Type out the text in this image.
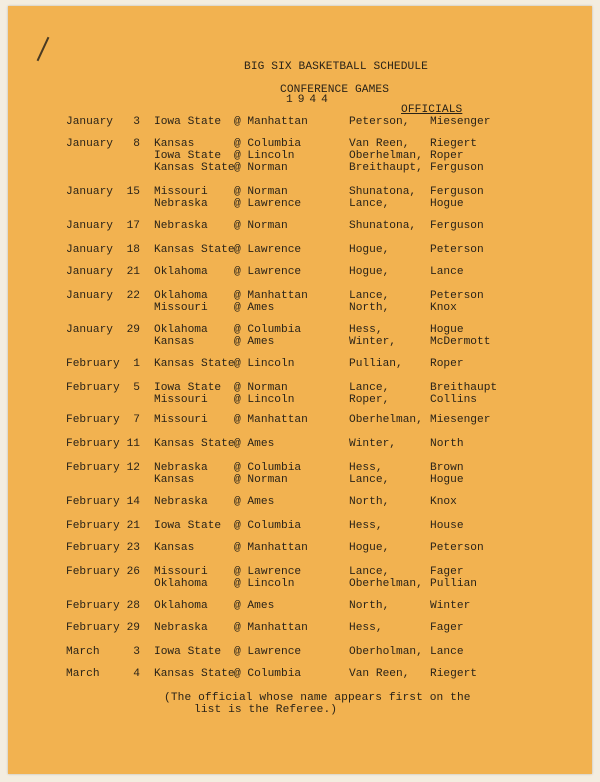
BIG SIX BASKETBALL SCHEDULE
CONFERENCE GAMES
1944
OFFICIALS
January	3 Iowa State @ Manhattan	Peterson, Miesenger
January	8 Kansas	@ Columbia	Van Reen, Riegert
Iowa State @ Lincoln	Oberhelman, Roper
Kansas State @ Norman	Breithaupt, Ferguson
January	15 Missouri @ Norman	Shunatona, Ferguson
Nebraska @ Lawrence	Lance,	Hogue
January	17 Nebraska @ Norman	Shunatona, Ferguson
January	18 Kansas State @ Lawrence	Hogue,	Peterson
January	21 Oklahoma @ Lawrence	Hogue,	Lance
January	22 Oklahoma @ Manhattan	Lance,	Peterson
Missouri @ Ames	North,	Knox
January	29 Oklahoma @ Columbia	Hess,	Hogue
Kansas	@ Ames	Winter,	McDermott
February	1 Kansas State @ Lincoln	Pullian, Roper
February	5 Iowa State @ Norman	Lance,	Breithaupt
Missouri @ Lincoln	Roper,	Collins
February	7 Missouri @ Manhattan	Oberhelman, Miesenger
February 11 Kansas State @ Ames	Winter,	North
February 12 Nebraska @ Columbia	Hess,	Brown
Kansas	@ Norman	Lance,	Hogue
February 14 Nebraska @ Ames	North,	Knox
February 21 Iowa State @ Columbia	Hess,	House
February 23 Kansas	@ Manhattan	Hogue,	Peterson
February 26 Missouri @ Lawrence	Lance,	Fager
Oklahoma @ Lincoln	Oberhelman, Pullian
February 28 Oklahoma @ Ames	North,	Winter
February 29 Nebraska @ Manhattan	Hess,	Fager
March	3 Iowa State @ Lawrence	Oberholman, Lance
March	4 Kansas State @ Columbia	Van Reen, Riegert
(The official whose name appears first on the
list is the Referee.)
